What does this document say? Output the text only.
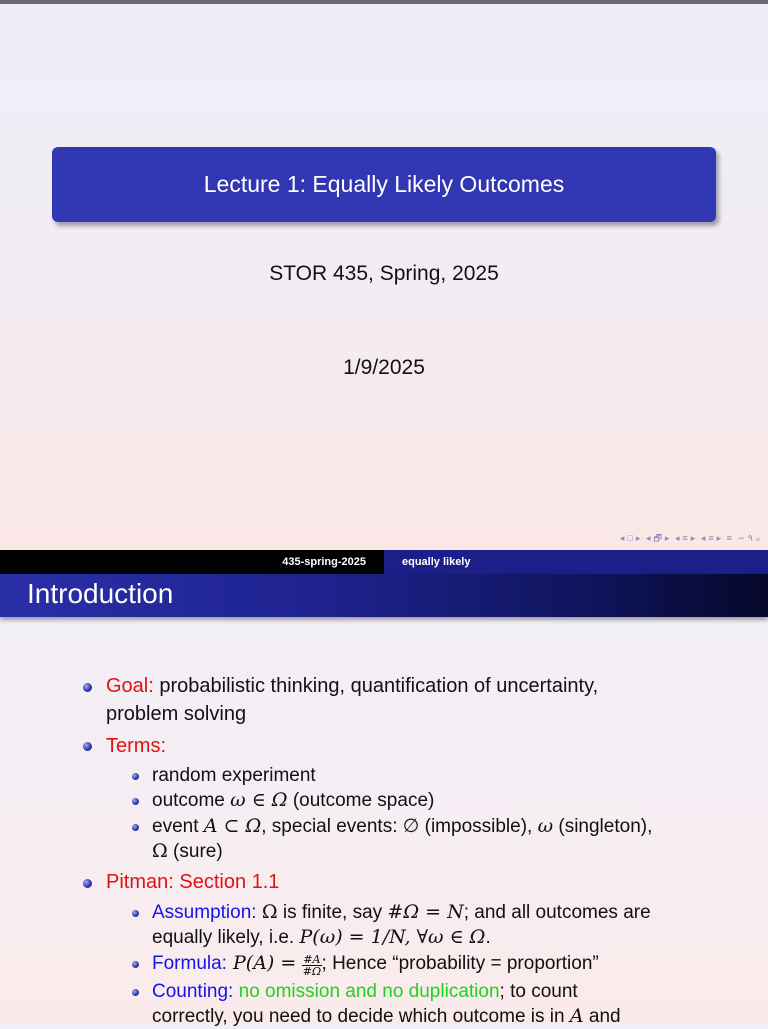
Lecture 1: Equally Likely Outcomes
STOR 435, Spring, 2025
1/9/2025
◂ □ ▸ ◂ 🗗 ▸ ◂ ≡ ▸ ◂ ≡ ▸ ≡ ∽ ۹ ℴ
435-spring-2025	equally likely
Introduction
Goal: probabilistic thinking, quantification of uncertainty,
problem solving
Terms:
random experiment
outcome ω ∈ Ω (outcome space)
event A ⊂ Ω, special events: ∅ (impossible), ω (singleton),
Ω (sure)
Pitman: Section 1.1
Assumption: Ω is finite, say #Ω = N; and all outcomes are
equally likely, i.e. P(ω) = 1/N, ∀ω ∈ Ω.
Formula: $P(A) = \frac{\#A}{\#\Omega}$ ; Hence “probability = proportion”
Counting: no omission and no duplication; to count
correctly, you need to decide which outcome is in A and
